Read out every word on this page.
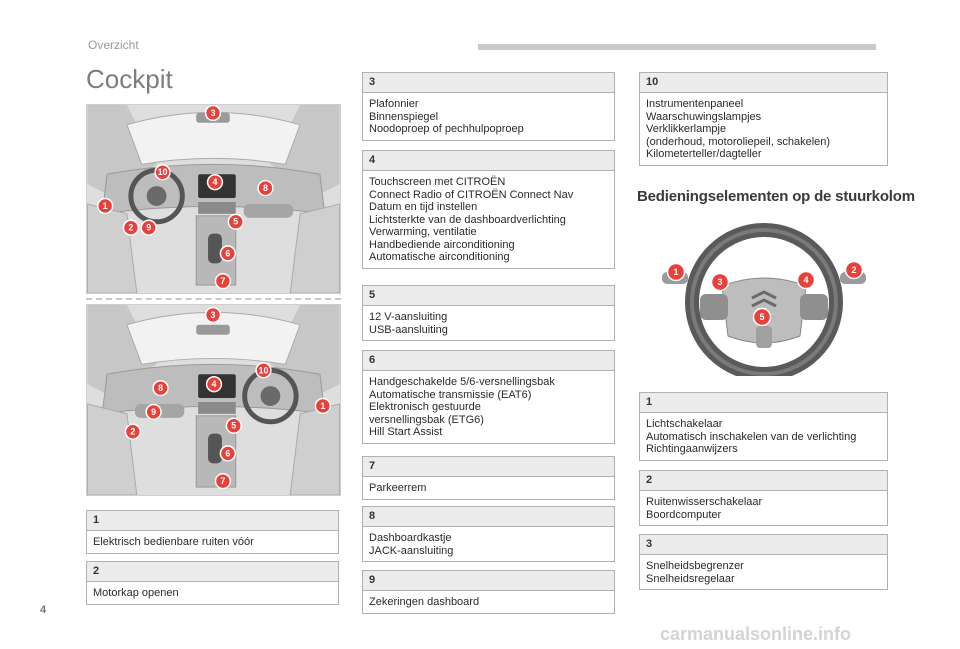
Overzicht
Cockpit
1
2 9
10
4
8
5
6
7
3
3
10
8	4
9
1
2
5
6
7
1
Elektrisch bedienbare ruiten vóór
2
Motorkap openen
3
Plafonnier
Binnenspiegel
Noodoproep of pechhulpoproep
4
Touchscreen met CITROËN
Connect Radio of CITROËN Connect Nav
Datum en tijd instellen
Lichtsterkte van de dashboardverlichting
Verwarming, ventilatie
Handbediende airconditioning
Automatische airconditioning
5
12 V-aansluiting
USB-aansluiting
6
Handgeschakelde 5/6-versnellingsbak
Automatische transmissie (EAT6)
Elektronisch gestuurde
versnellingsbak (ETG6)
Hill Start Assist
7
Parkeerrem
8
Dashboardkastje
JACK-aansluiting
9
Zekeringen dashboard
10
Instrumentenpaneel
Waarschuwingslampjes
Verklikkerlampje
(onderhoud, motoroliepeil, schakelen)
Kilometerteller/dagteller
Bedieningselementen op de stuurkolom
1
3	4
2
5
1
Lichtschakelaar
Automatisch inschakelen van de verlichting
Richtingaanwijzers
2
Ruitenwisserschakelaar
Boordcomputer
3
Snelheidsbegrenzer
Snelheidsregelaar
4
carmanualsonline.info
